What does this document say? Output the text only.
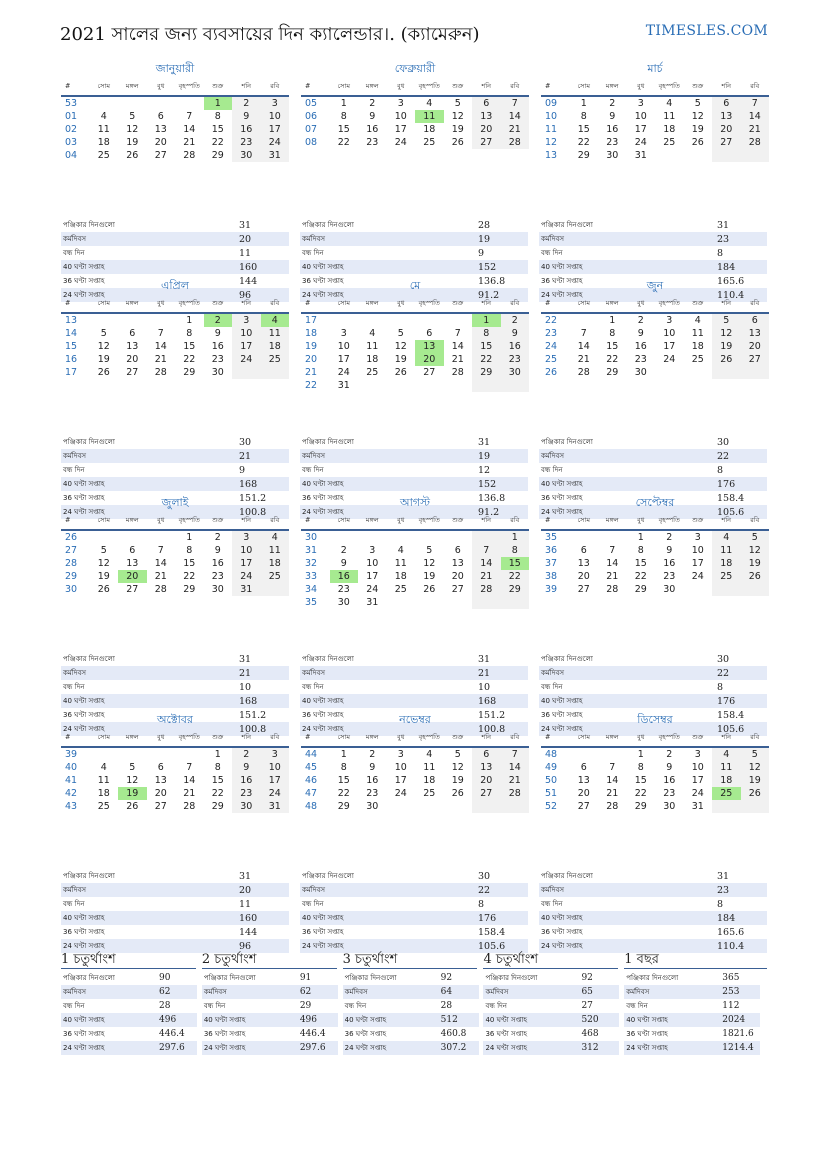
2021 সালের জন্য ব্যবসায়ের দিন ক্যালেন্ডার।. (ক্যামেরুন)	TIMESLES.COM
জানুয়ারী
#	সোম	মঙ্গল	বুধ	বৃহস্পতি	শুক্র	শনি	রবি
53					1	2	3
01	4	5	6	7	8	9	10
02	11	12	13	14	15	16	17
03	18	19	20	21	22	23	24
04	25	26	27	28	29	30	31
ফেব্রুয়ারী
#	সোম	মঙ্গল	বুধ	বৃহস্পতি	শুক্র	শনি	রবি
05	1	2	3	4	5	6	7
06	8	9	10	11	12	13	14
07	15	16	17	18	19	20	21
08	22	23	24	25	26	27	28
মার্চ
#	সোম	মঙ্গল	বুধ	বৃহস্পতি	শুক্র	শনি	রবি
09	1	2	3	4	5	6	7
10	8	9	10	11	12	13	14
11	15	16	17	18	19	20	21
12	22	23	24	25	26	27	28
13	29	30	31				
পঞ্জিকার দিনগুলো	31
কর্মদিবস	20
বন্ধ দিন	11
40 ঘণ্টা সপ্তাহ	160
36 ঘণ্টা সপ্তাহ	144
24 ঘণ্টা সপ্তাহ	96
পঞ্জিকার দিনগুলো	28
কর্মদিবস	19
বন্ধ দিন	9
40 ঘণ্টা সপ্তাহ	152
36 ঘণ্টা সপ্তাহ	136.8
24 ঘণ্টা সপ্তাহ	91.2
পঞ্জিকার দিনগুলো	31
কর্মদিবস	23
বন্ধ দিন	8
40 ঘণ্টা সপ্তাহ	184
36 ঘণ্টা সপ্তাহ	165.6
24 ঘণ্টা সপ্তাহ	110.4
এপ্রিল
#	সোম	মঙ্গল	বুধ	বৃহস্পতি	শুক্র	শনি	রবি
13				1	2	3	4
14	5	6	7	8	9	10	11
15	12	13	14	15	16	17	18
16	19	20	21	22	23	24	25
17	26	27	28	29	30		
মে
#	সোম	মঙ্গল	বুধ	বৃহস্পতি	শুক্র	শনি	রবি
17						1	2
18	3	4	5	6	7	8	9
19	10	11	12	13	14	15	16
20	17	18	19	20	21	22	23
21	24	25	26	27	28	29	30
22	31						
জুন
#	সোম	মঙ্গল	বুধ	বৃহস্পতি	শুক্র	শনি	রবি
22		1	2	3	4	5	6
23	7	8	9	10	11	12	13
24	14	15	16	17	18	19	20
25	21	22	23	24	25	26	27
26	28	29	30				
পঞ্জিকার দিনগুলো	30
কর্মদিবস	21
বন্ধ দিন	9
40 ঘণ্টা সপ্তাহ	168
36 ঘণ্টা সপ্তাহ	151.2
24 ঘণ্টা সপ্তাহ	100.8
পঞ্জিকার দিনগুলো	31
কর্মদিবস	19
বন্ধ দিন	12
40 ঘণ্টা সপ্তাহ	152
36 ঘণ্টা সপ্তাহ	136.8
24 ঘণ্টা সপ্তাহ	91.2
পঞ্জিকার দিনগুলো	30
কর্মদিবস	22
বন্ধ দিন	8
40 ঘণ্টা সপ্তাহ	176
36 ঘণ্টা সপ্তাহ	158.4
24 ঘণ্টা সপ্তাহ	105.6
জুলাই
#	সোম	মঙ্গল	বুধ	বৃহস্পতি	শুক্র	শনি	রবি
26				1	2	3	4
27	5	6	7	8	9	10	11
28	12	13	14	15	16	17	18
29	19	20	21	22	23	24	25
30	26	27	28	29	30	31	
আগস্ট
#	সোম	মঙ্গল	বুধ	বৃহস্পতি	শুক্র	শনি	রবি
30							1
31	2	3	4	5	6	7	8
32	9	10	11	12	13	14	15
33	16	17	18	19	20	21	22
34	23	24	25	26	27	28	29
35	30	31					
সেপ্টেম্বর
#	সোম	মঙ্গল	বুধ	বৃহস্পতি	শুক্র	শনি	রবি
35			1	2	3	4	5
36	6	7	8	9	10	11	12
37	13	14	15	16	17	18	19
38	20	21	22	23	24	25	26
39	27	28	29	30			
পঞ্জিকার দিনগুলো	31
কর্মদিবস	21
বন্ধ দিন	10
40 ঘণ্টা সপ্তাহ	168
36 ঘণ্টা সপ্তাহ	151.2
24 ঘণ্টা সপ্তাহ	100.8
পঞ্জিকার দিনগুলো	31
কর্মদিবস	21
বন্ধ দিন	10
40 ঘণ্টা সপ্তাহ	168
36 ঘণ্টা সপ্তাহ	151.2
24 ঘণ্টা সপ্তাহ	100.8
পঞ্জিকার দিনগুলো	30
কর্মদিবস	22
বন্ধ দিন	8
40 ঘণ্টা সপ্তাহ	176
36 ঘণ্টা সপ্তাহ	158.4
24 ঘণ্টা সপ্তাহ	105.6
অক্টোবর
#	সোম	মঙ্গল	বুধ	বৃহস্পতি	শুক্র	শনি	রবি
39					1	2	3
40	4	5	6	7	8	9	10
41	11	12	13	14	15	16	17
42	18	19	20	21	22	23	24
43	25	26	27	28	29	30	31
নভেম্বর
#	সোম	মঙ্গল	বুধ	বৃহস্পতি	শুক্র	শনি	রবি
44	1	2	3	4	5	6	7
45	8	9	10	11	12	13	14
46	15	16	17	18	19	20	21
47	22	23	24	25	26	27	28
48	29	30					
ডিসেম্বর
#	সোম	মঙ্গল	বুধ	বৃহস্পতি	শুক্র	শনি	রবি
48			1	2	3	4	5
49	6	7	8	9	10	11	12
50	13	14	15	16	17	18	19
51	20	21	22	23	24	25	26
52	27	28	29	30	31		
পঞ্জিকার দিনগুলো	31
কর্মদিবস	20
বন্ধ দিন	11
40 ঘণ্টা সপ্তাহ	160
36 ঘণ্টা সপ্তাহ	144
24 ঘণ্টা সপ্তাহ	96
পঞ্জিকার দিনগুলো	30
কর্মদিবস	22
বন্ধ দিন	8
40 ঘণ্টা সপ্তাহ	176
36 ঘণ্টা সপ্তাহ	158.4
24 ঘণ্টা সপ্তাহ	105.6
পঞ্জিকার দিনগুলো	31
কর্মদিবস	23
বন্ধ দিন	8
40 ঘণ্টা সপ্তাহ	184
36 ঘণ্টা সপ্তাহ	165.6
24 ঘণ্টা সপ্তাহ	110.4
1 চতুর্থাংশ
পঞ্জিকার দিনগুলো	90
কর্মদিবস	62
বন্ধ দিন	28
40 ঘণ্টা সপ্তাহ	496
36 ঘণ্টা সপ্তাহ	446.4
24 ঘণ্টা সপ্তাহ	297.6
2 চতুর্থাংশ
পঞ্জিকার দিনগুলো	91
কর্মদিবস	62
বন্ধ দিন	29
40 ঘণ্টা সপ্তাহ	496
36 ঘণ্টা সপ্তাহ	446.4
24 ঘণ্টা সপ্তাহ	297.6
3 চতুর্থাংশ
পঞ্জিকার দিনগুলো	92
কর্মদিবস	64
বন্ধ দিন	28
40 ঘণ্টা সপ্তাহ	512
36 ঘণ্টা সপ্তাহ	460.8
24 ঘণ্টা সপ্তাহ	307.2
4 চতুর্থাংশ
পঞ্জিকার দিনগুলো	92
কর্মদিবস	65
বন্ধ দিন	27
40 ঘণ্টা সপ্তাহ	520
36 ঘণ্টা সপ্তাহ	468
24 ঘণ্টা সপ্তাহ	312
1 বছর
পঞ্জিকার দিনগুলো	365
কর্মদিবস	253
বন্ধ দিন	112
40 ঘণ্টা সপ্তাহ	2024
36 ঘণ্টা সপ্তাহ	1821.6
24 ঘণ্টা সপ্তাহ	1214.4
